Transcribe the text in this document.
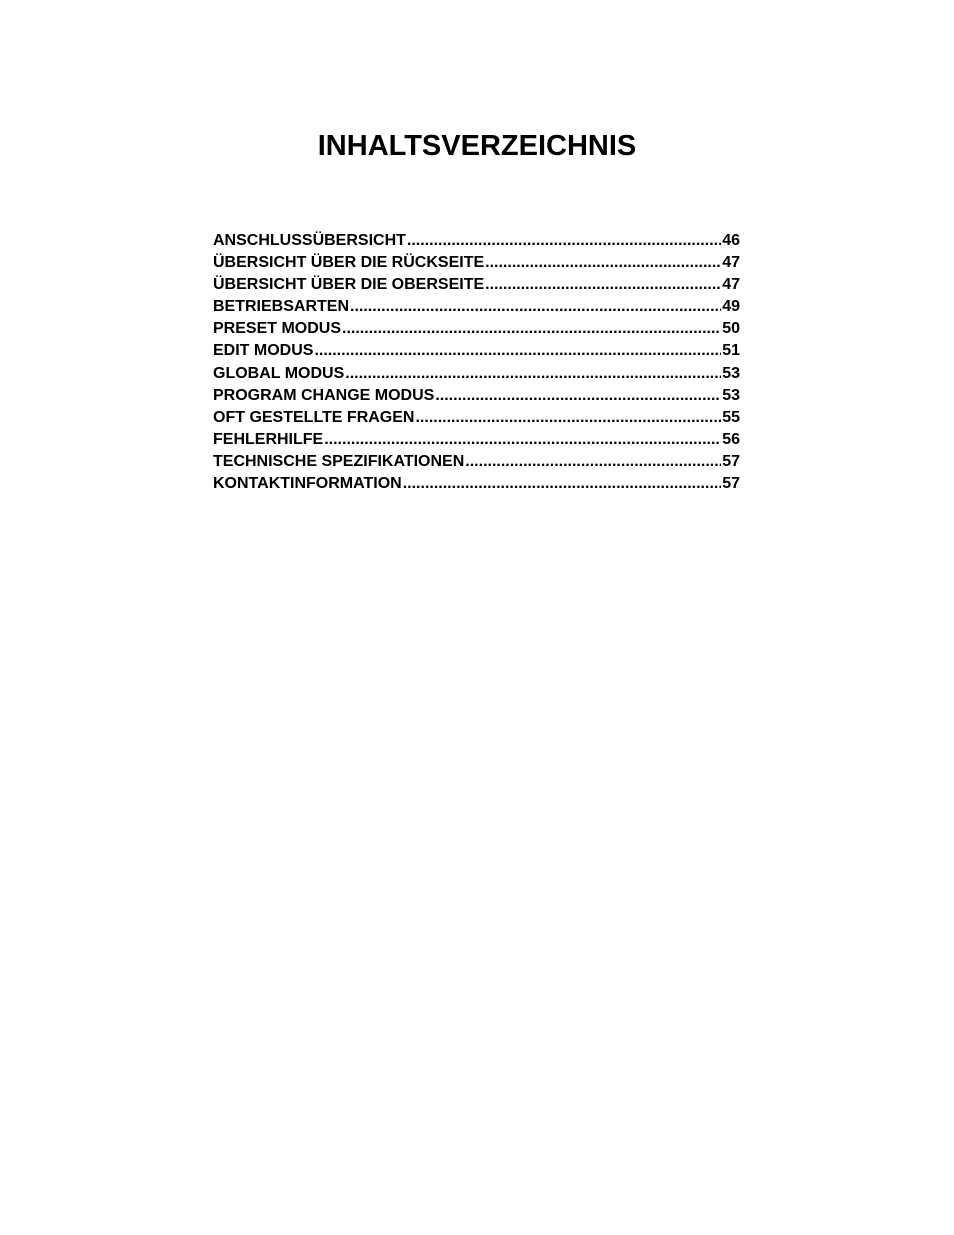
INHALTSVERZEICHNIS
ANSCHLUSSÜBERSICHT .....	46
ÜBERSICHT ÜBER DIE RÜCKSEITE .....	47
ÜBERSICHT ÜBER DIE OBERSEITE .....	47
BETRIEBSARTEN .....	49
PRESET MODUS .....	50
EDIT MODUS .....	51
GLOBAL MODUS .....	53
PROGRAM CHANGE MODUS .....	53
OFT GESTELLTE FRAGEN .....	55
FEHLERHILFE .....	56
TECHNISCHE SPEZIFIKATIONEN .....	57
KONTAKTINFORMATION .....	57
